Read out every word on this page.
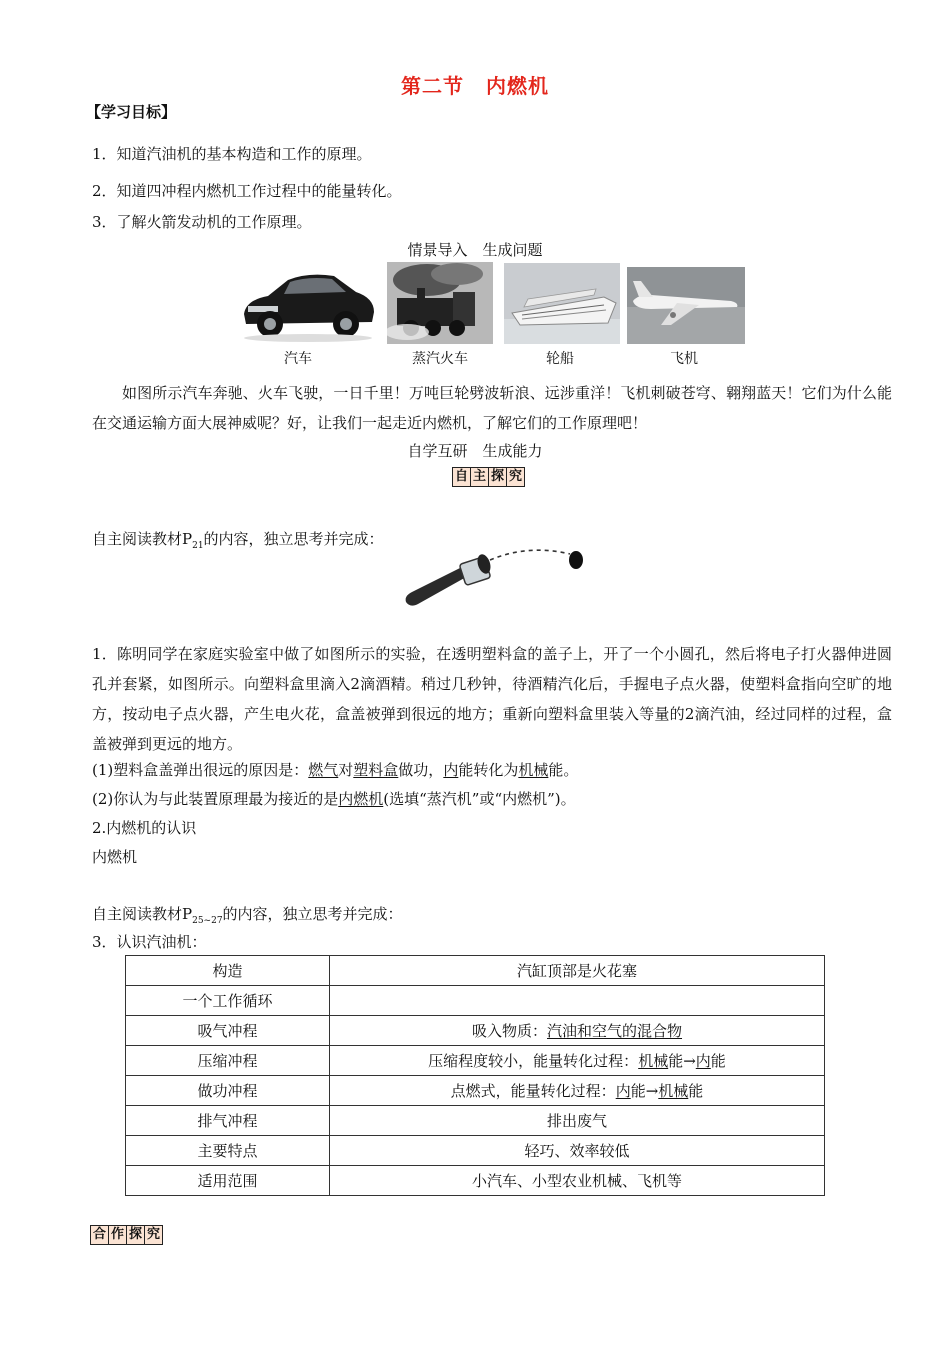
第二节 内燃机
【学习目标】
1．知道汽油机的基本构造和工作的原理。
2．知道四冲程内燃机工作过程中的能量转化。
3．了解火箭发动机的工作原理。
情景导入　生成问题
汽车	蒸汽火车	轮船	飞机
如图所示汽车奔驰、火车飞驶，一日千里！万吨巨轮劈波斩浪、远涉重洋！飞机刺破苍穹、翱翔蓝天！它们为什么能在交通运输方面大展神威呢？好，让我们一起走近内燃机，了解它们的工作原理吧！
自学互研　生成能力
自 主 探 究
自主阅读教材$P_{21}$的内容，独立思考并完成：
1．陈明同学在家庭实验室中做了如图所示的实验，在透明塑料盒的盖子上，开了一个小圆孔，然后将电子打火器伸进圆孔并套紧，如图所示。向塑料盒里滴入2滴酒精。稍过几秒钟，待酒精汽化后，手握电子点火器，使塑料盒指向空旷的地方，按动电子点火器，产生电火花，盒盖被弹到很远的地方；重新向塑料盒里装入等量的2滴汽油，经过同样的过程，盒盖被弹到更远的地方。
(1)塑料盒盖弹出很远的原因是：燃气对塑料盒做功，内能转化为机械能。
(2)你认为与此装置原理最为接近的是内燃机(选填“蒸汽机”或“内燃机”)。
2.内燃机的认识
内燃机
自主阅读教材$P_{25\sim 27}$的内容，独立思考并完成：
3．认识汽油机：
构造	汽缸顶部是火花塞
一个工作循环	
吸气冲程	吸入物质：汽油和空气的混合物
压缩冲程	压缩程度较小，能量转化过程：机械能→内能
做功冲程	点燃式，能量转化过程：内能→机械能
排气冲程	排出废气
主要特点	轻巧、效率较低
适用范围	小汽车、小型农业机械、飞机等
合 作 探 究
